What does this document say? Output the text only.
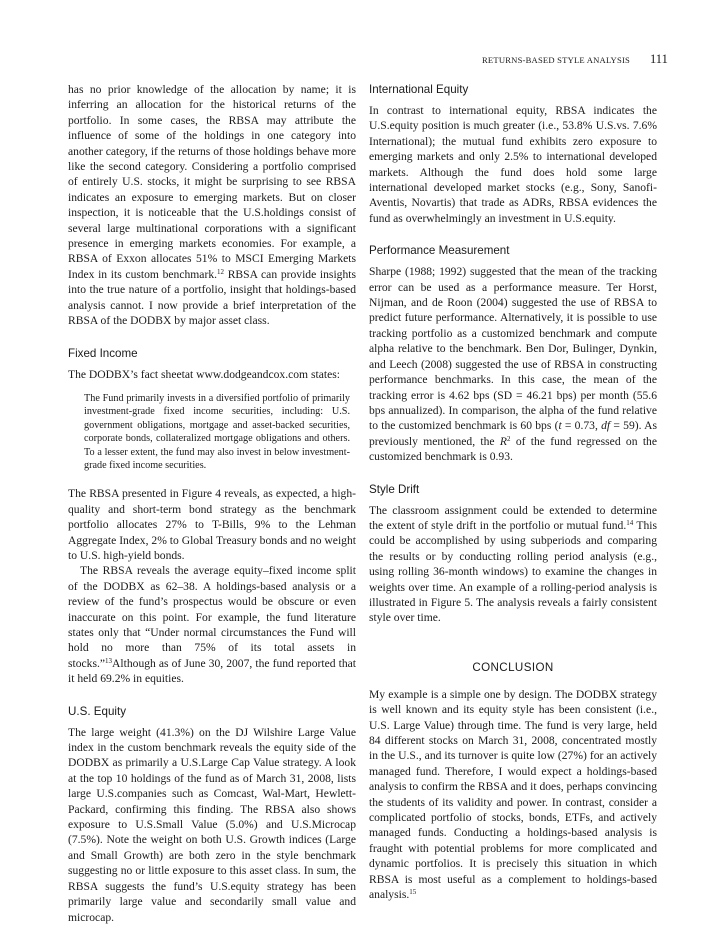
RETURNS-BASED STYLE ANALYSIS 111

has no prior knowledge of the allocation by name; it is inferring an allocation for the historical returns of the portfolio. In some cases, the RBSA may attribute the influence of some of the holdings in one category into another category, if the returns of those holdings behave more like the second category. Considering a portfolio comprised of entirely U.S. stocks, it might be surprising to see RBSA indicates an exposure to emerging markets. But on closer inspection, it is noticeable that the U.S.holdings consist of several large multinational corporations with a significant presence in emerging markets economies. For example, a RBSA of Exxon allocates 51% to MSCI Emerging Markets Index in its custom benchmark.$^{12}$ RBSA can provide insights into the true nature of a portfolio, insight that holdings-based analysis cannot. I now provide a brief interpretation of the RBSA of the DODBX by major asset class.

Fixed Income

The DODBX’s fact sheetat www.dodgeandcox.com states:

The Fund primarily invests in a diversified portfolio of primarily investment-grade fixed income securities, including: U.S. government obligations, mortgage and asset-backed securities, corporate bonds, collateralized mortgage obligations and others. To a lesser extent, the fund may also invest in below investment-grade fixed income securities.

The RBSA presented in Figure 4 reveals, as expected, a high-quality and short-term bond strategy as the benchmark portfolio allocates 27% to T-Bills, 9% to the Lehman Aggregate Index, 2% to Global Treasury bonds and no weight to U.S. high-yield bonds.

The RBSA reveals the average equity–fixed income split of the DODBX as 62–38. A holdings-based analysis or a review of the fund’s prospectus would be obscure or even inaccurate on this point. For example, the fund literature states only that “Under normal circumstances the Fund will hold no more than 75% of its total assets in stocks.”$^{13}$Although as of June 30, 2007, the fund reported that it held 69.2% in equities.

U.S. Equity

The large weight (41.3%) on the DJ Wilshire Large Value index in the custom benchmark reveals the equity side of the DODBX as primarily a U.S.Large Cap Value strategy. A look at the top 10 holdings of the fund as of March 31, 2008, lists large U.S.companies such as Comcast, Wal-Mart, Hewlett-Packard, confirming this finding. The RBSA also shows exposure to U.S.Small Value (5.0%) and U.S.Microcap (7.5%). Note the weight on both U.S. Growth indices (Large and Small Growth) are both zero in the style benchmark suggesting no or little exposure to this asset class. In sum, the RBSA suggests the fund’s U.S.equity strategy has been primarily large value and secondarily small value and microcap.

International Equity

In contrast to international equity, RBSA indicates the U.S.equity position is much greater (i.e., 53.8% U.S.vs. 7.6% International); the mutual fund exhibits zero exposure to emerging markets and only 2.5% to international developed markets. Although the fund does hold some large international developed market stocks (e.g., Sony, Sanofi-Aventis, Novartis) that trade as ADRs, RBSA evidences the fund as overwhelmingly an investment in U.S.equity.

Performance Measurement

Sharpe (1988; 1992) suggested that the mean of the tracking error can be used as a performance measure. Ter Horst, Nijman, and de Roon (2004) suggested the use of RBSA to predict future performance. Alternatively, it is possible to use tracking portfolio as a customized benchmark and compute alpha relative to the benchmark. Ben Dor, Bulinger, Dynkin, and Leech (2008) suggested the use of RBSA in constructing performance benchmarks. In this case, the mean of the tracking error is 4.62 bps (SD = 46.21 bps) per month (55.6 bps annualized). In comparison, the alpha of the fund relative to the customized benchmark is 60 bps (t = 0.73, df = 59). As previously mentioned, the $R^2$ of the fund regressed on the customized benchmark is 0.93.

Style Drift

The classroom assignment could be extended to determine the extent of style drift in the portfolio or mutual fund.$^{14}$ This could be accomplished by using subperiods and comparing the results or by conducting rolling period analysis (e.g., using rolling 36-month windows) to examine the changes in weights over time. An example of a rolling-period analysis is illustrated in Figure 5. The analysis reveals a fairly consistent style over time.

CONCLUSION

My example is a simple one by design. The DODBX strategy is well known and its equity style has been consistent (i.e., U.S. Large Value) through time. The fund is very large, held 84 different stocks on March 31, 2008, concentrated mostly in the U.S., and its turnover is quite low (27%) for an actively managed fund. Therefore, I would expect a holdings-based analysis to confirm the RBSA and it does, perhaps convincing the students of its validity and power. In contrast, consider a complicated portfolio of stocks, bonds, ETFs, and actively managed funds. Conducting a holdings-based analysis is fraught with potential problems for more complicated and dynamic portfolios. It is precisely this situation in which RBSA is most useful as a complement to holdings-based analysis.$^{15}$
